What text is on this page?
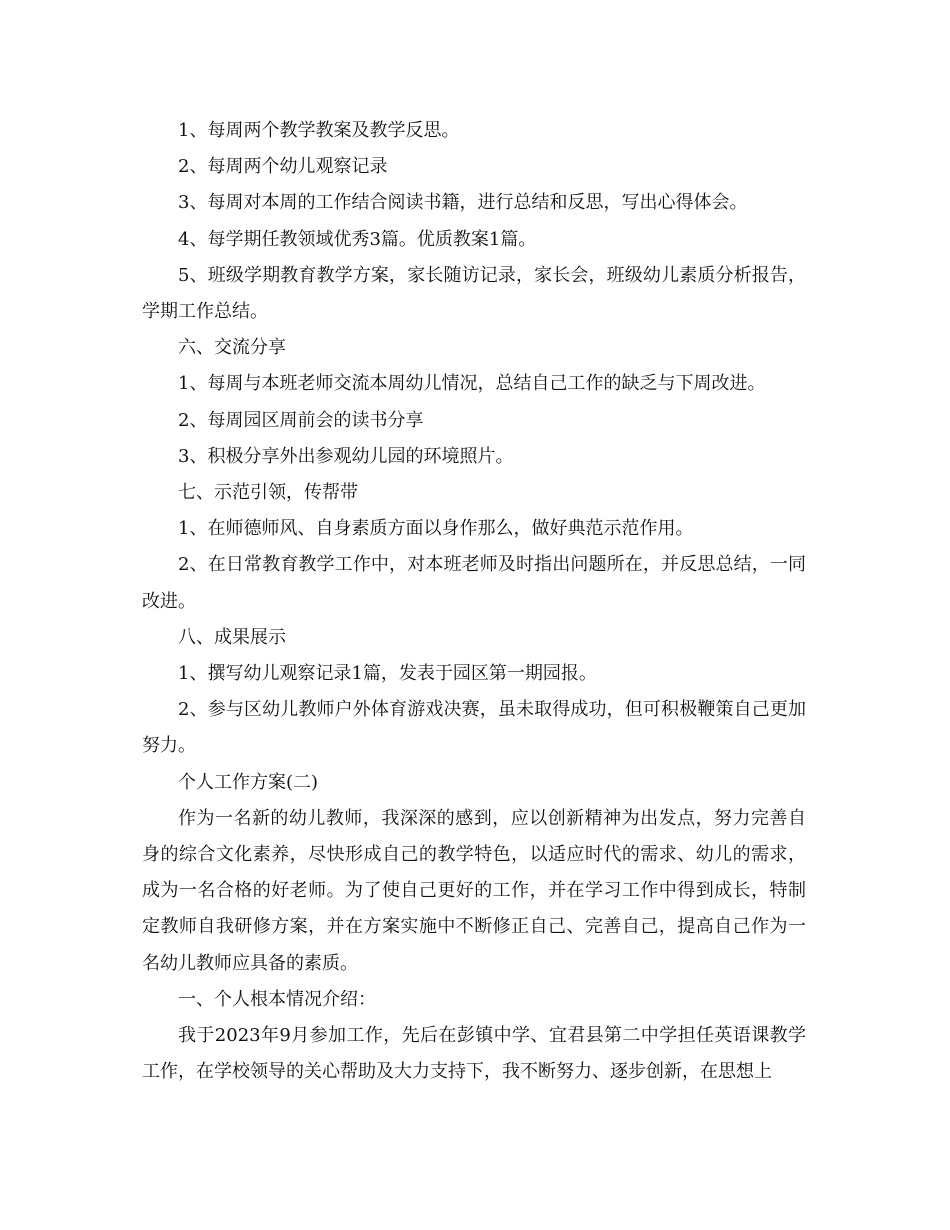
1、每周两个教学教案及教学反思。

2、每周两个幼儿观察记录

3、每周对本周的工作结合阅读书籍，进行总结和反思，写出心得体会。

4、每学期任教领域优秀3篇。优质教案1篇。

5、班级学期教育教学方案，家长随访记录，家长会，班级幼儿素质分析报告，学期工作总结。

六、交流分享

1、每周与本班老师交流本周幼儿情况，总结自己工作的缺乏与下周改进。

2、每周园区周前会的读书分享

3、积极分享外出参观幼儿园的环境照片。

七、示范引领，传帮带

1、在师德师风、自身素质方面以身作那么，做好典范示范作用。

2、在日常教育教学工作中，对本班老师及时指出问题所在，并反思总结，一同改进。

八、成果展示

1、撰写幼儿观察记录1篇，发表于园区第一期园报。

2、参与区幼儿教师户外体育游戏决赛，虽未取得成功，但可积极鞭策自己更加努力。

个人工作方案(二)

作为一名新的幼儿教师，我深深的感到，应以创新精神为出发点，努力完善自身的综合文化素养，尽快形成自己的教学特色，以适应时代的需求、幼儿的需求，成为一名合格的好老师。为了使自己更好的工作，并在学习工作中得到成长，特制定教师自我研修方案，并在方案实施中不断修正自己、完善自己，提高自己作为一名幼儿教师应具备的素质。

一、个人根本情况介绍：

我于2023年9月参加工作，先后在彭镇中学、宜君县第二中学担任英语课教学工作，在学校领导的关心帮助及大力支持下，我不断努力、逐步创新，在思想上
